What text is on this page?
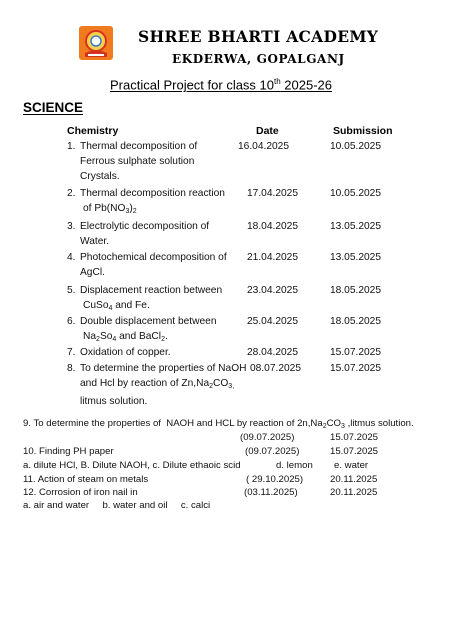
SHREE BHARTI ACADEMY
EKDERWA, GOPALGANJ
Practical Project for class 10th 2025-26
SCIENCE
Chemistry	Date	Submission
1. Thermal decomposition of
Ferrous sulphate solution
Crystals.
16.04.2025	10.05.2025
2. Thermal decomposition reaction
of $Pb(NO_3)_2$
17.04.2025	10.05.2025
3. Electrolytic decomposition of
Water.
18.04.2025	13.05.2025
4. Photochemical decomposition of
AgCl.
21.04.2025	13.05.2025
5. Displacement reaction between
CuSo$_4$ and Fe.
23.04.2025	18.05.2025
6. Double displacement between
$Na_2So_4$ and BaCl$_2$.
25.04.2025	18.05.2025
7. Oxidation of copper.	28.04.2025	15.07.2025
8. To determine the properties of NaOH
and Hcl by reaction of $Zn,Na_2CO_{3,}$
litmus solution.
08.07.2025	15.07.2025
9. To determine the properties of  NAOH and HCL by reaction of $2n,Na_2CO_3$ ,litmus solution.
(09.07.2025)	15.07.2025
10. Finding PH paper	(09.07.2025)	15.07.2025
a. dilute HCl, B. Dilute NAOH, c. Dilute ethaoic scid	d. lemon e. water
11. Action of steam on metals	( 29.10.2025)	20.11.2025
12. Corrosion of iron nail in	(03.11.2025)	20.11.2025
a. air and water     b. water and oil     c. calci
